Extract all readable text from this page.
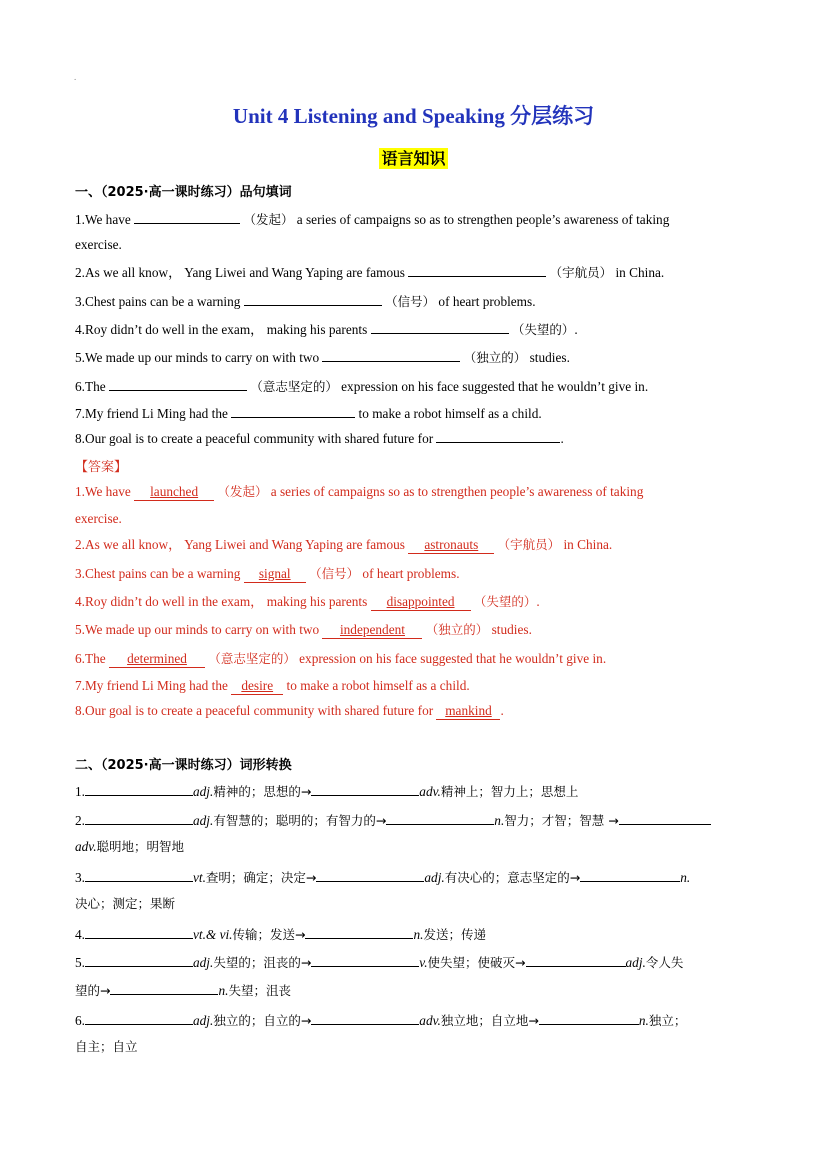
.
Unit 4 Listening and Speaking 分层练习
语言知识
一、（2025·高一课时练习）品句填词
1.We have	（发起） a series of campaigns so as to strengthen people’s awareness of taking
exercise.
2.As we all know， Yang Liwei and Wang Yaping are famous	（宇航员） in China.
3.Chest pains can be a warning	（信号） of heart problems.
4.Roy didn’t do well in the exam， making his parents	（失望的）.
5.We made up our minds to carry on with two	（独立的） studies.
6.The	（意志坚定的） expression on his face suggested that he wouldn’t give in.
7.My friend Li Ming had the	to make a robot himself as a child.
8.Our goal is to create a peaceful community with shared future for	.
【答案】
1.We have launched （发起） a series of campaigns so as to strengthen people’s awareness of taking
exercise.
2.As we all know， Yang Liwei and Wang Yaping are famous astronauts （宇航员） in China.
3.Chest pains can be a warning signal （信号） of heart problems.
4.Roy didn’t do well in the exam， making his parents disappointed （失望的）.
5.We made up our minds to carry on with two independent （独立的） studies.
6.The determined （意志坚定的） expression on his face suggested that he wouldn’t give in.
7.My friend Li Ming had the desire to make a robot himself as a child.
8.Our goal is to create a peaceful community with shared future for mankind .
二、（2025·高一课时练习）词形转换
1.	adj.精神的；思想的→	adv.精神上；智力上；思想上
2.	adj.有智慧的；聪明的；有智力的→	n.智力；才智；智慧 →
adv.聪明地；明智地
3.	vt.查明；确定；决定→	adj.有决心的；意志坚定的→	n.
决心；测定；果断
4.	vt.& vi.传输；发送→	n.发送；传递
5.	adj.失望的；沮丧的→	v.使失望；使破灭→	adj.令人失
望的→	n.失望；沮丧
6.	adj.独立的；自立的→	adv.独立地；自立地→	n.独立；
自主；自立
